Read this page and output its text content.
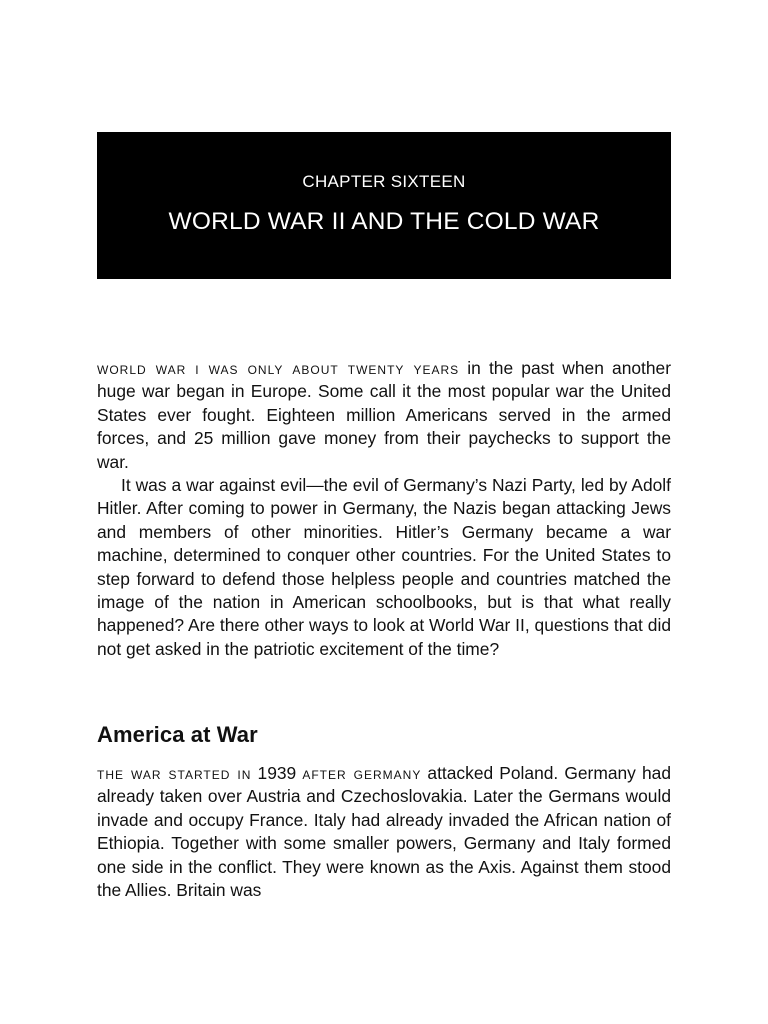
CHAPTER SIXTEEN
WORLD WAR II AND THE COLD WAR

world war i was only about twenty years in the past when another huge war began in Europe. Some call it the most popular war the United States ever fought. Eighteen million Americans served in the armed forces, and 25 million gave money from their paychecks to support the war.

It was a war against evil—the evil of Germany’s Nazi Party, led by Adolf Hitler. After coming to power in Germany, the Nazis began attacking Jews and members of other minorities. Hitler’s Germany became a war machine, determined to conquer other countries. For the United States to step forward to defend those helpless people and countries matched the image of the nation in American schoolbooks, but is that what really happened? Are there other ways to look at World War II, questions that did not get asked in the patriotic excitement of the time?

America at War

the war started in 1939 after germany attacked Poland. Germany had already taken over Austria and Czechoslovakia. Later the Germans would invade and occupy France. Italy had already invaded the African nation of Ethiopia. Together with some smaller powers, Germany and Italy formed one side in the conflict. They were known as the Axis. Against them stood the Allies. Britain was
